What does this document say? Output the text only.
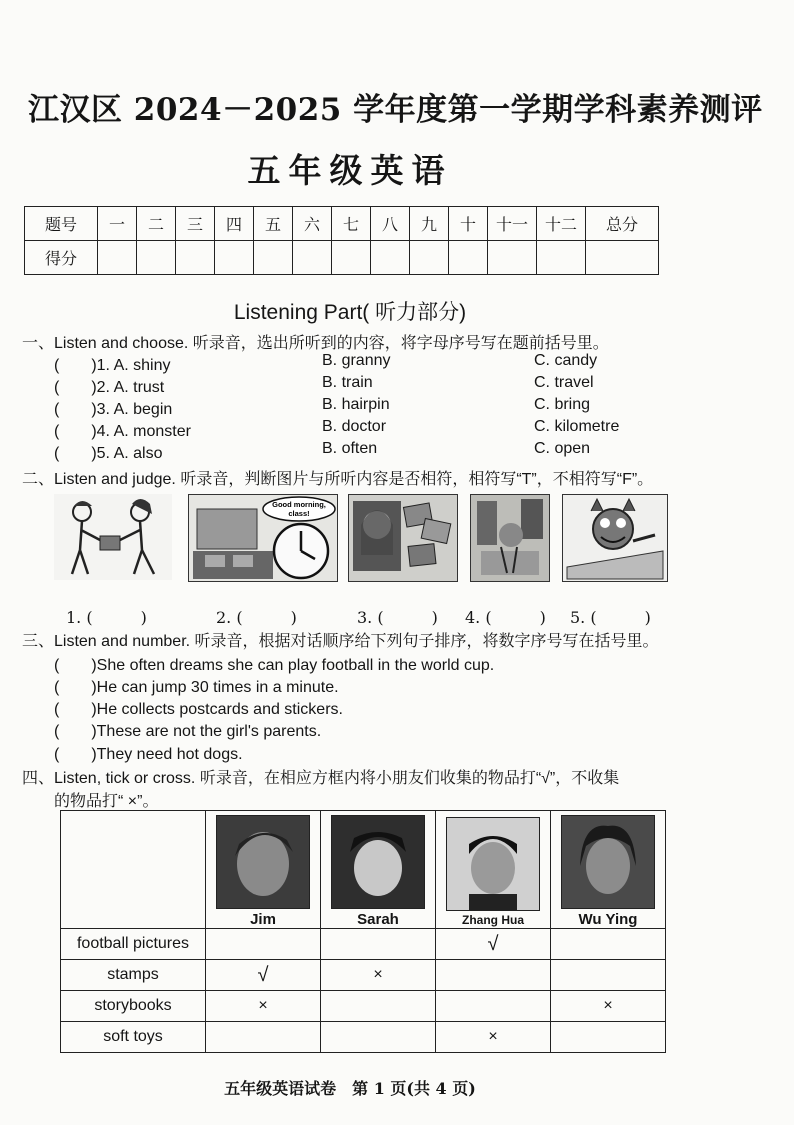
江汉区 2024－2025 学年度第一学期学科素养测评
五年级英语
题号	一	二	三	四	五	六	七	八	九	十	十一	十二	总分
得分													
Listening Part( 听力部分)
一、Listen and choose. 听录音，选出所听到的内容，将字母序号写在题前括号里。
(　　)1. A. shiny	B. granny	C. candy
(　　)2. A. trust	B. train	C. travel
(　　)3. A. begin	B. hairpin	C. bring
(　　)4. A. monster	B. doctor	C. kilometre
(　　)5. A. also	B. often	C. open
二、Listen and judge. 听录音，判断图片与所听内容是否相符，相符写“T”，不相符写“F”。
Good morning,
class!
1. (　　　)	2. (　　　)	3. (　　　) 4. (　　　) 5. (　　　)
三、Listen and number. 听录音，根据对话顺序给下列句子排序，将数字序号写在括号里。
(　　)She often dreams she can play football in the world cup.
(　　)He can jump 30 times in a minute.
(　　)He collects postcards and stickers.
(　　)These are not the girl's parents.
(　　)They need hot dogs.
四、Listen, tick or cross. 听录音，在相应方框内将小朋友们收集的物品打“√”，不收集
的物品打“ ×”。

	Jim	Sarah	Zhang Hua	Wu Ying

football pictures			√	
stamps	√	×		
storybooks	×			×
soft toys			×	
五年级英语试卷　第 1 页(共 4 页)
